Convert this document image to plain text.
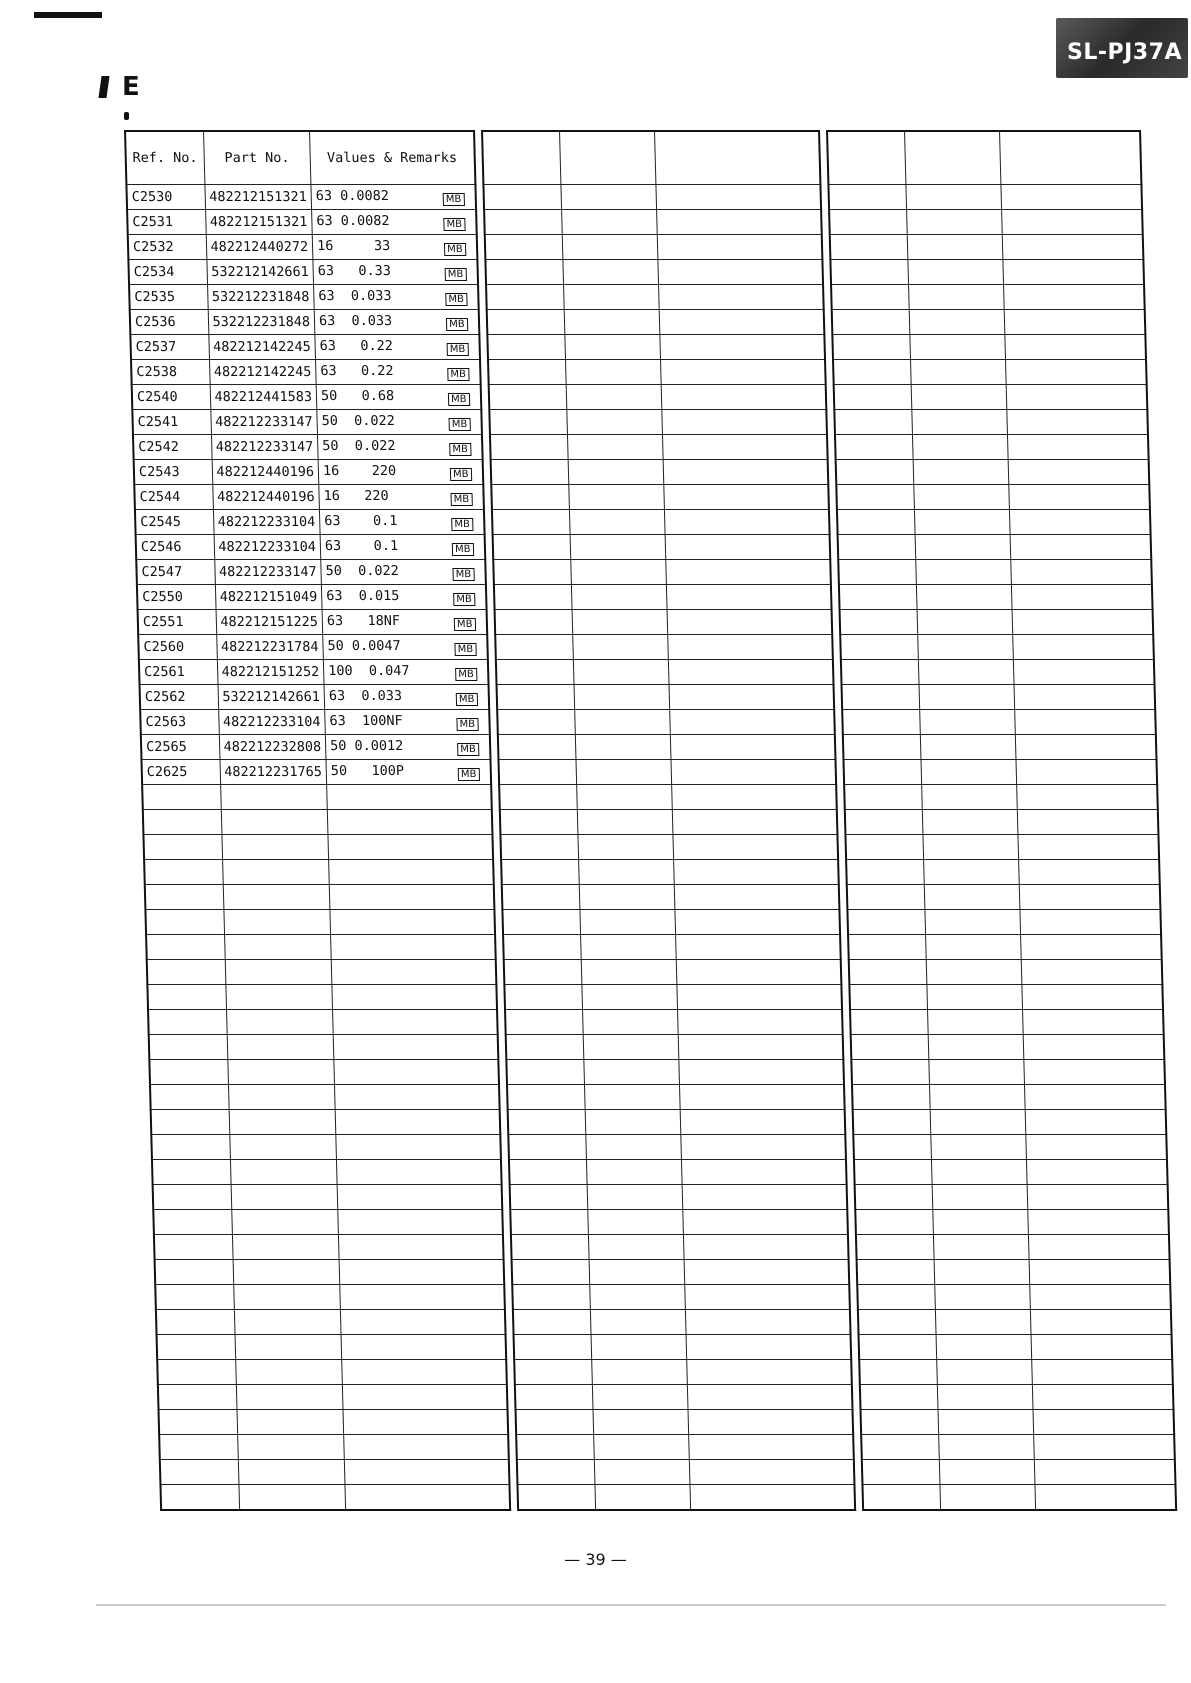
E
SL-PJ37A
Ref. No.	Part No.	Values & Remarks
C2530	482212151321	63 0.0082 MB

C2531	482212151321	63 0.0082 MB

C2532	482212440272	16     33 MB

C2534	532212142661	63   0.33 MB

C2535	532212231848	63  0.033 MB

C2536	532212231848	63  0.033 MB

C2537	482212142245	63   0.22 MB

C2538	482212142245	63   0.22 MB

C2540	482212441583	50   0.68 MB

C2541	482212233147	50  0.022 MB

C2542	482212233147	50  0.022 MB

C2543	482212440196	16    220 MB

C2544	482212440196	16   220 MB

C2545	482212233104	63    0.1 MB

C2546	482212233104	63    0.1 MB

C2547	482212233147	50  0.022 MB

C2550	482212151049	63  0.015 MB

C2551	482212151225	63   18NF MB

C2560	482212231784	50 0.0047 MB

C2561	482212151252	100  0.047 MB

C2562	532212142661	63  0.033 MB

C2563	482212233104	63  100NF MB

C2565	482212232808	50 0.0012 MB

C2625	482212231765	50   100P MB

— 39 —
